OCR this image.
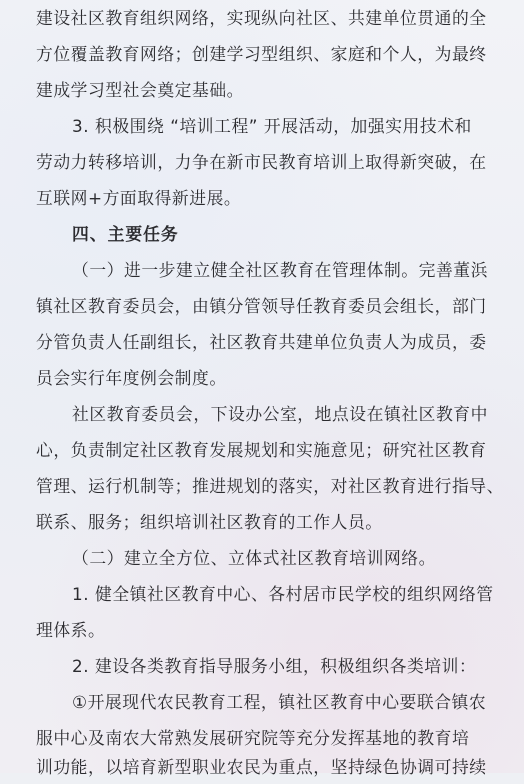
建设社区教育组织网络，实现纵向社区、共建单位贯通的全
方位覆盖教育网络；创建学习型组织、家庭和个人，为最终
建成学习型社会奠定基础。
3. 积极围绕 “培训工程” 开展活动，加强实用技术和
劳动力转移培训，力争在新市民教育培训上取得新突破，在
互联网+方面取得新进展。
四、主要任务
（一）进一步建立健全社区教育在管理体制。完善董浜
镇社区教育委员会，由镇分管领导任教育委员会组长，部门
分管负责人任副组长，社区教育共建单位负责人为成员，委
员会实行年度例会制度。
社区教育委员会，下设办公室，地点设在镇社区教育中
心，负责制定社区教育发展规划和实施意见；研究社区教育
管理、运行机制等；推进规划的落实，对社区教育进行指导、
联系、服务；组织培训社区教育的工作人员。
（二）建立全方位、立体式社区教育培训网络。
1. 健全镇社区教育中心、各村居市民学校的组织网络管
理体系。
2. 建设各类教育指导服务小组，积极组织各类培训：
①开展现代农民教育工程，镇社区教育中心要联合镇农
服中心及南农大常熟发展研究院等充分发挥基地的教育培
训功能，以培育新型职业农民为重点，坚持绿色协调可持续
